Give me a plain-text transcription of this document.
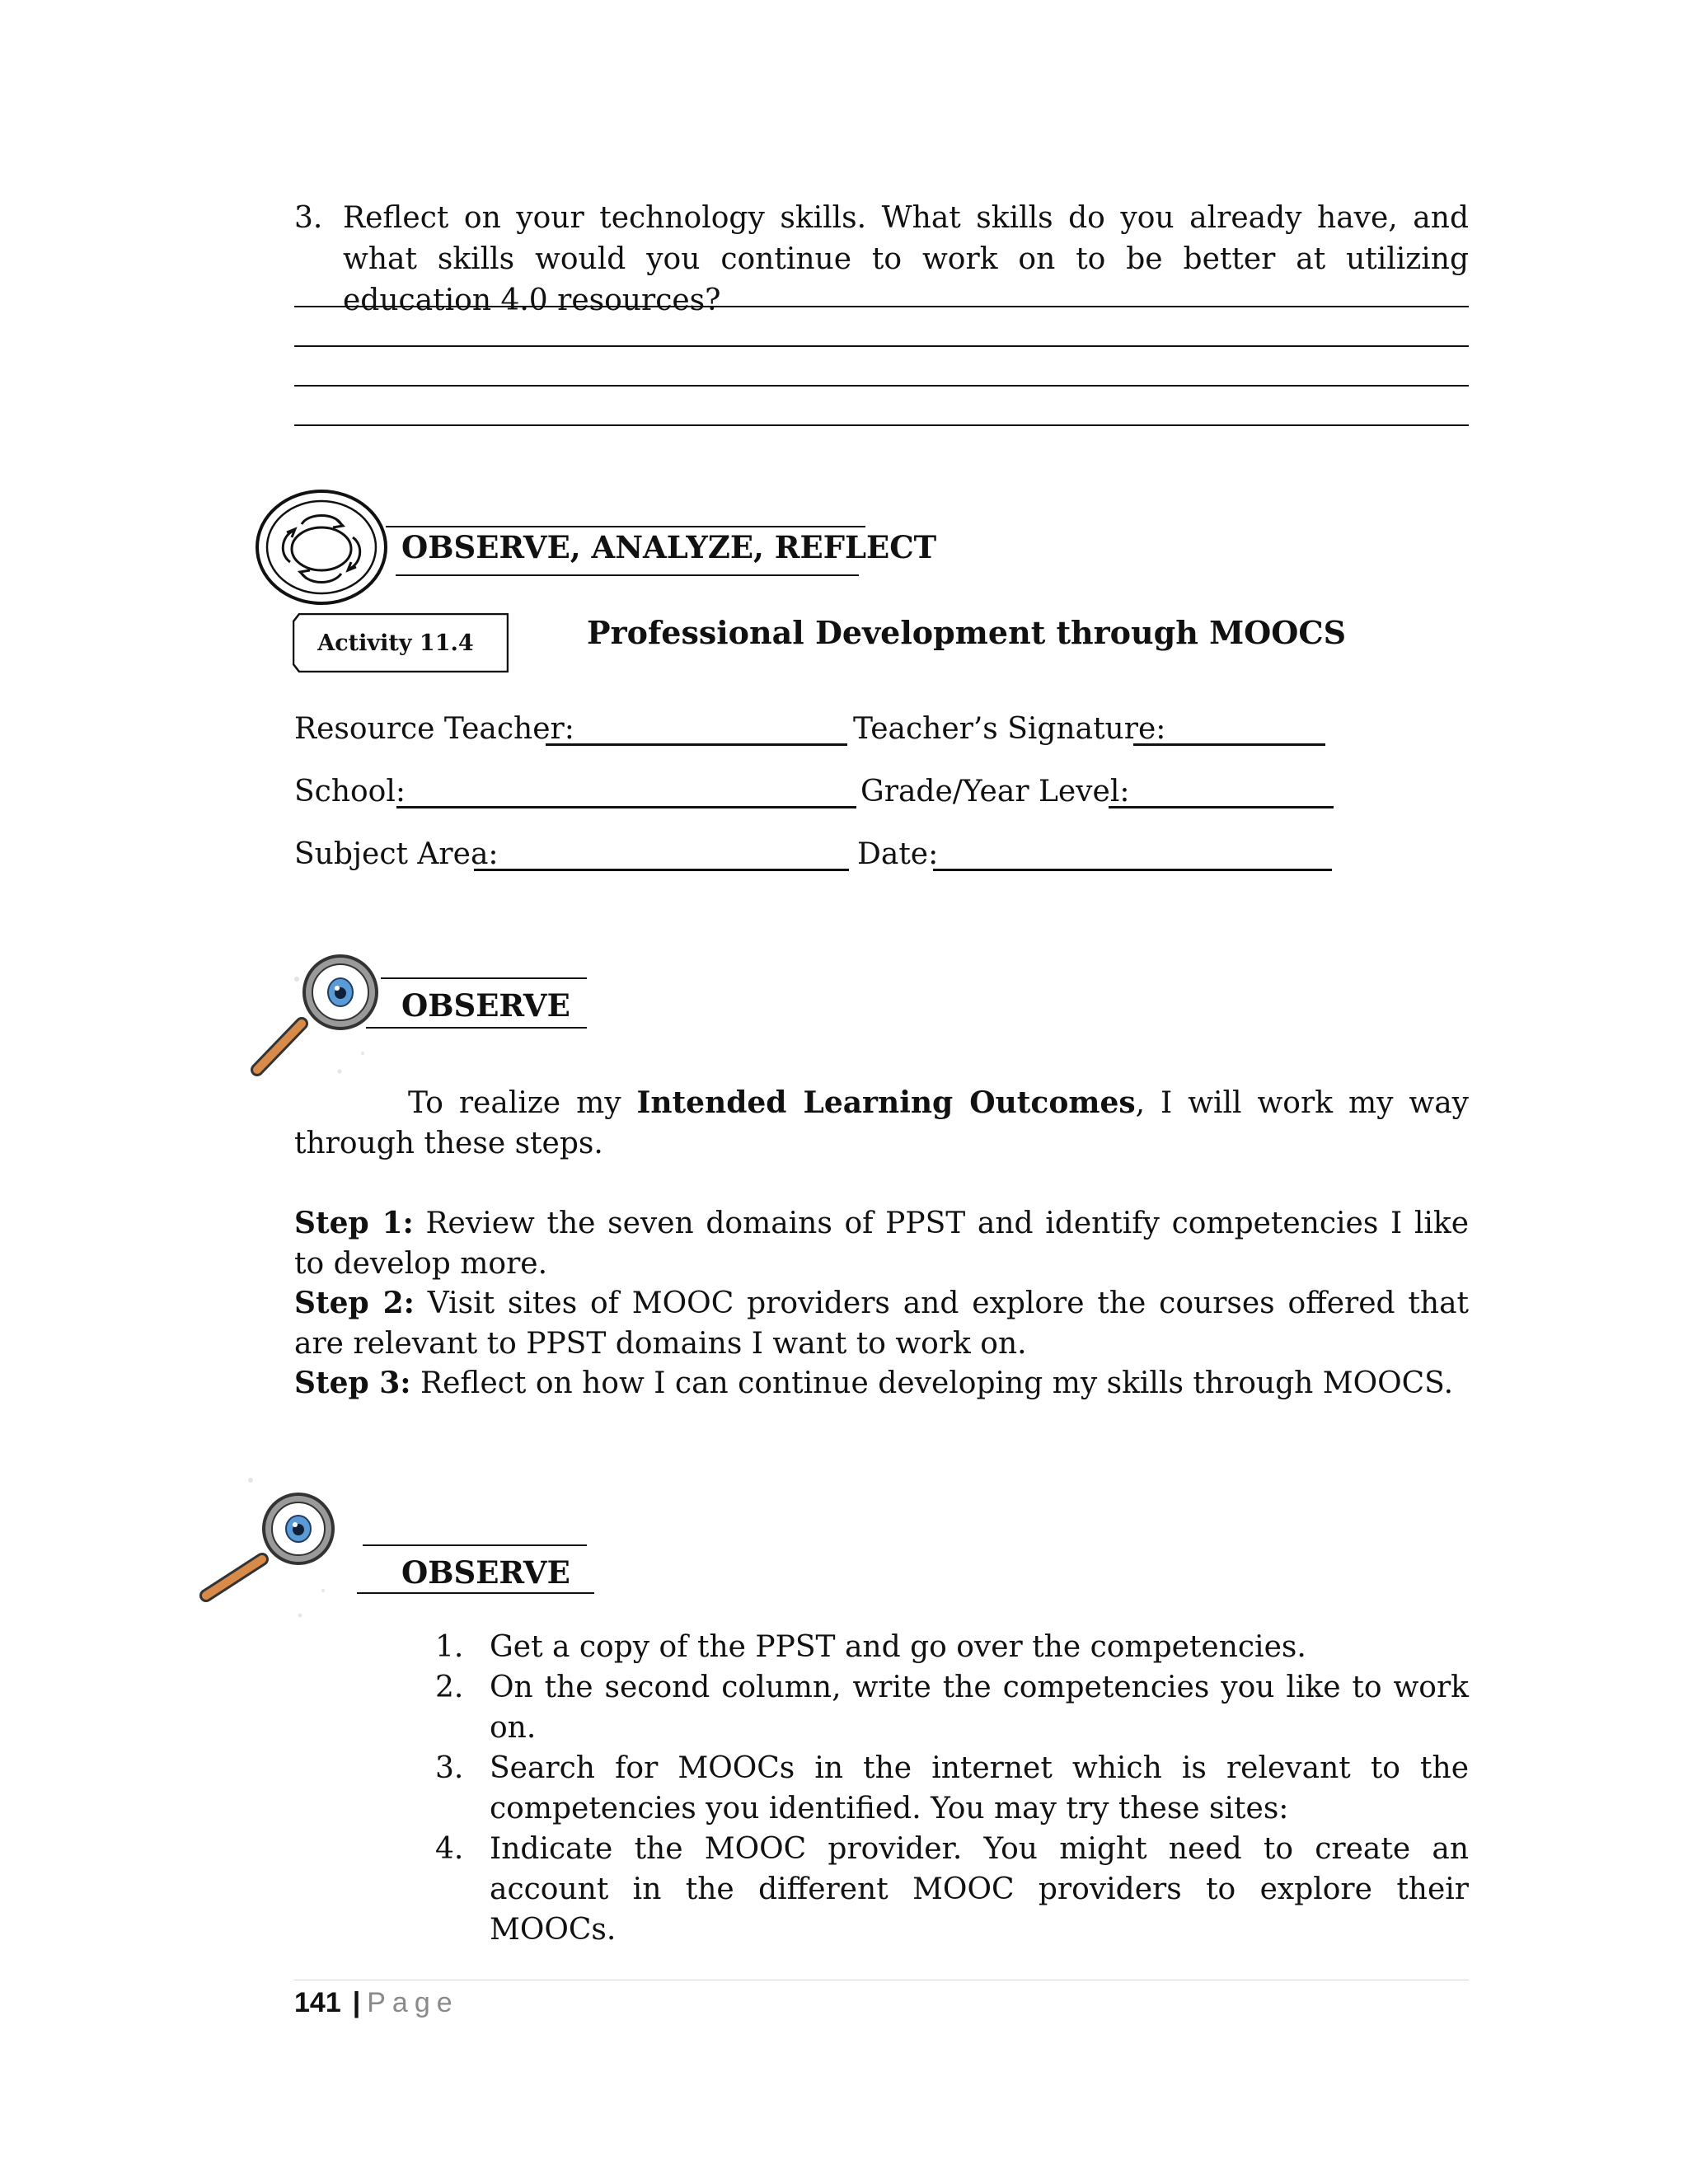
3. Reflect on your technology skills. What skills do you already have, and what skills would you continue to work on to be better at utilizing education 4.0 resources?
OBSERVE, ANALYZE, REFLECT
Activity 11.4	Professional Development through MOOCS
Resource Teacher:	Teacher’s Signature:
School:	Grade/Year Level:
Subject Area:	Date:
OBSERVE
To realize my Intended Learning Outcomes, I will work my way through these steps.
Step 1: Review the seven domains of PPST and identify competencies I like to develop more.
Step 2: Visit sites of MOOC providers and explore the courses offered that are relevant to PPST domains I want to work on.
Step 3: Reflect on how I can continue developing my skills through MOOCS.
OBSERVE
1. Get a copy of the PPST and go over the competencies.
2. On the second column, write the competencies you like to work on.
3. Search for MOOCs in the internet which is relevant to the competencies you identified. You may try these sites:
4. Indicate the MOOC provider. You might need to create an account in the different MOOC providers to explore their MOOCs.
141 | Page
